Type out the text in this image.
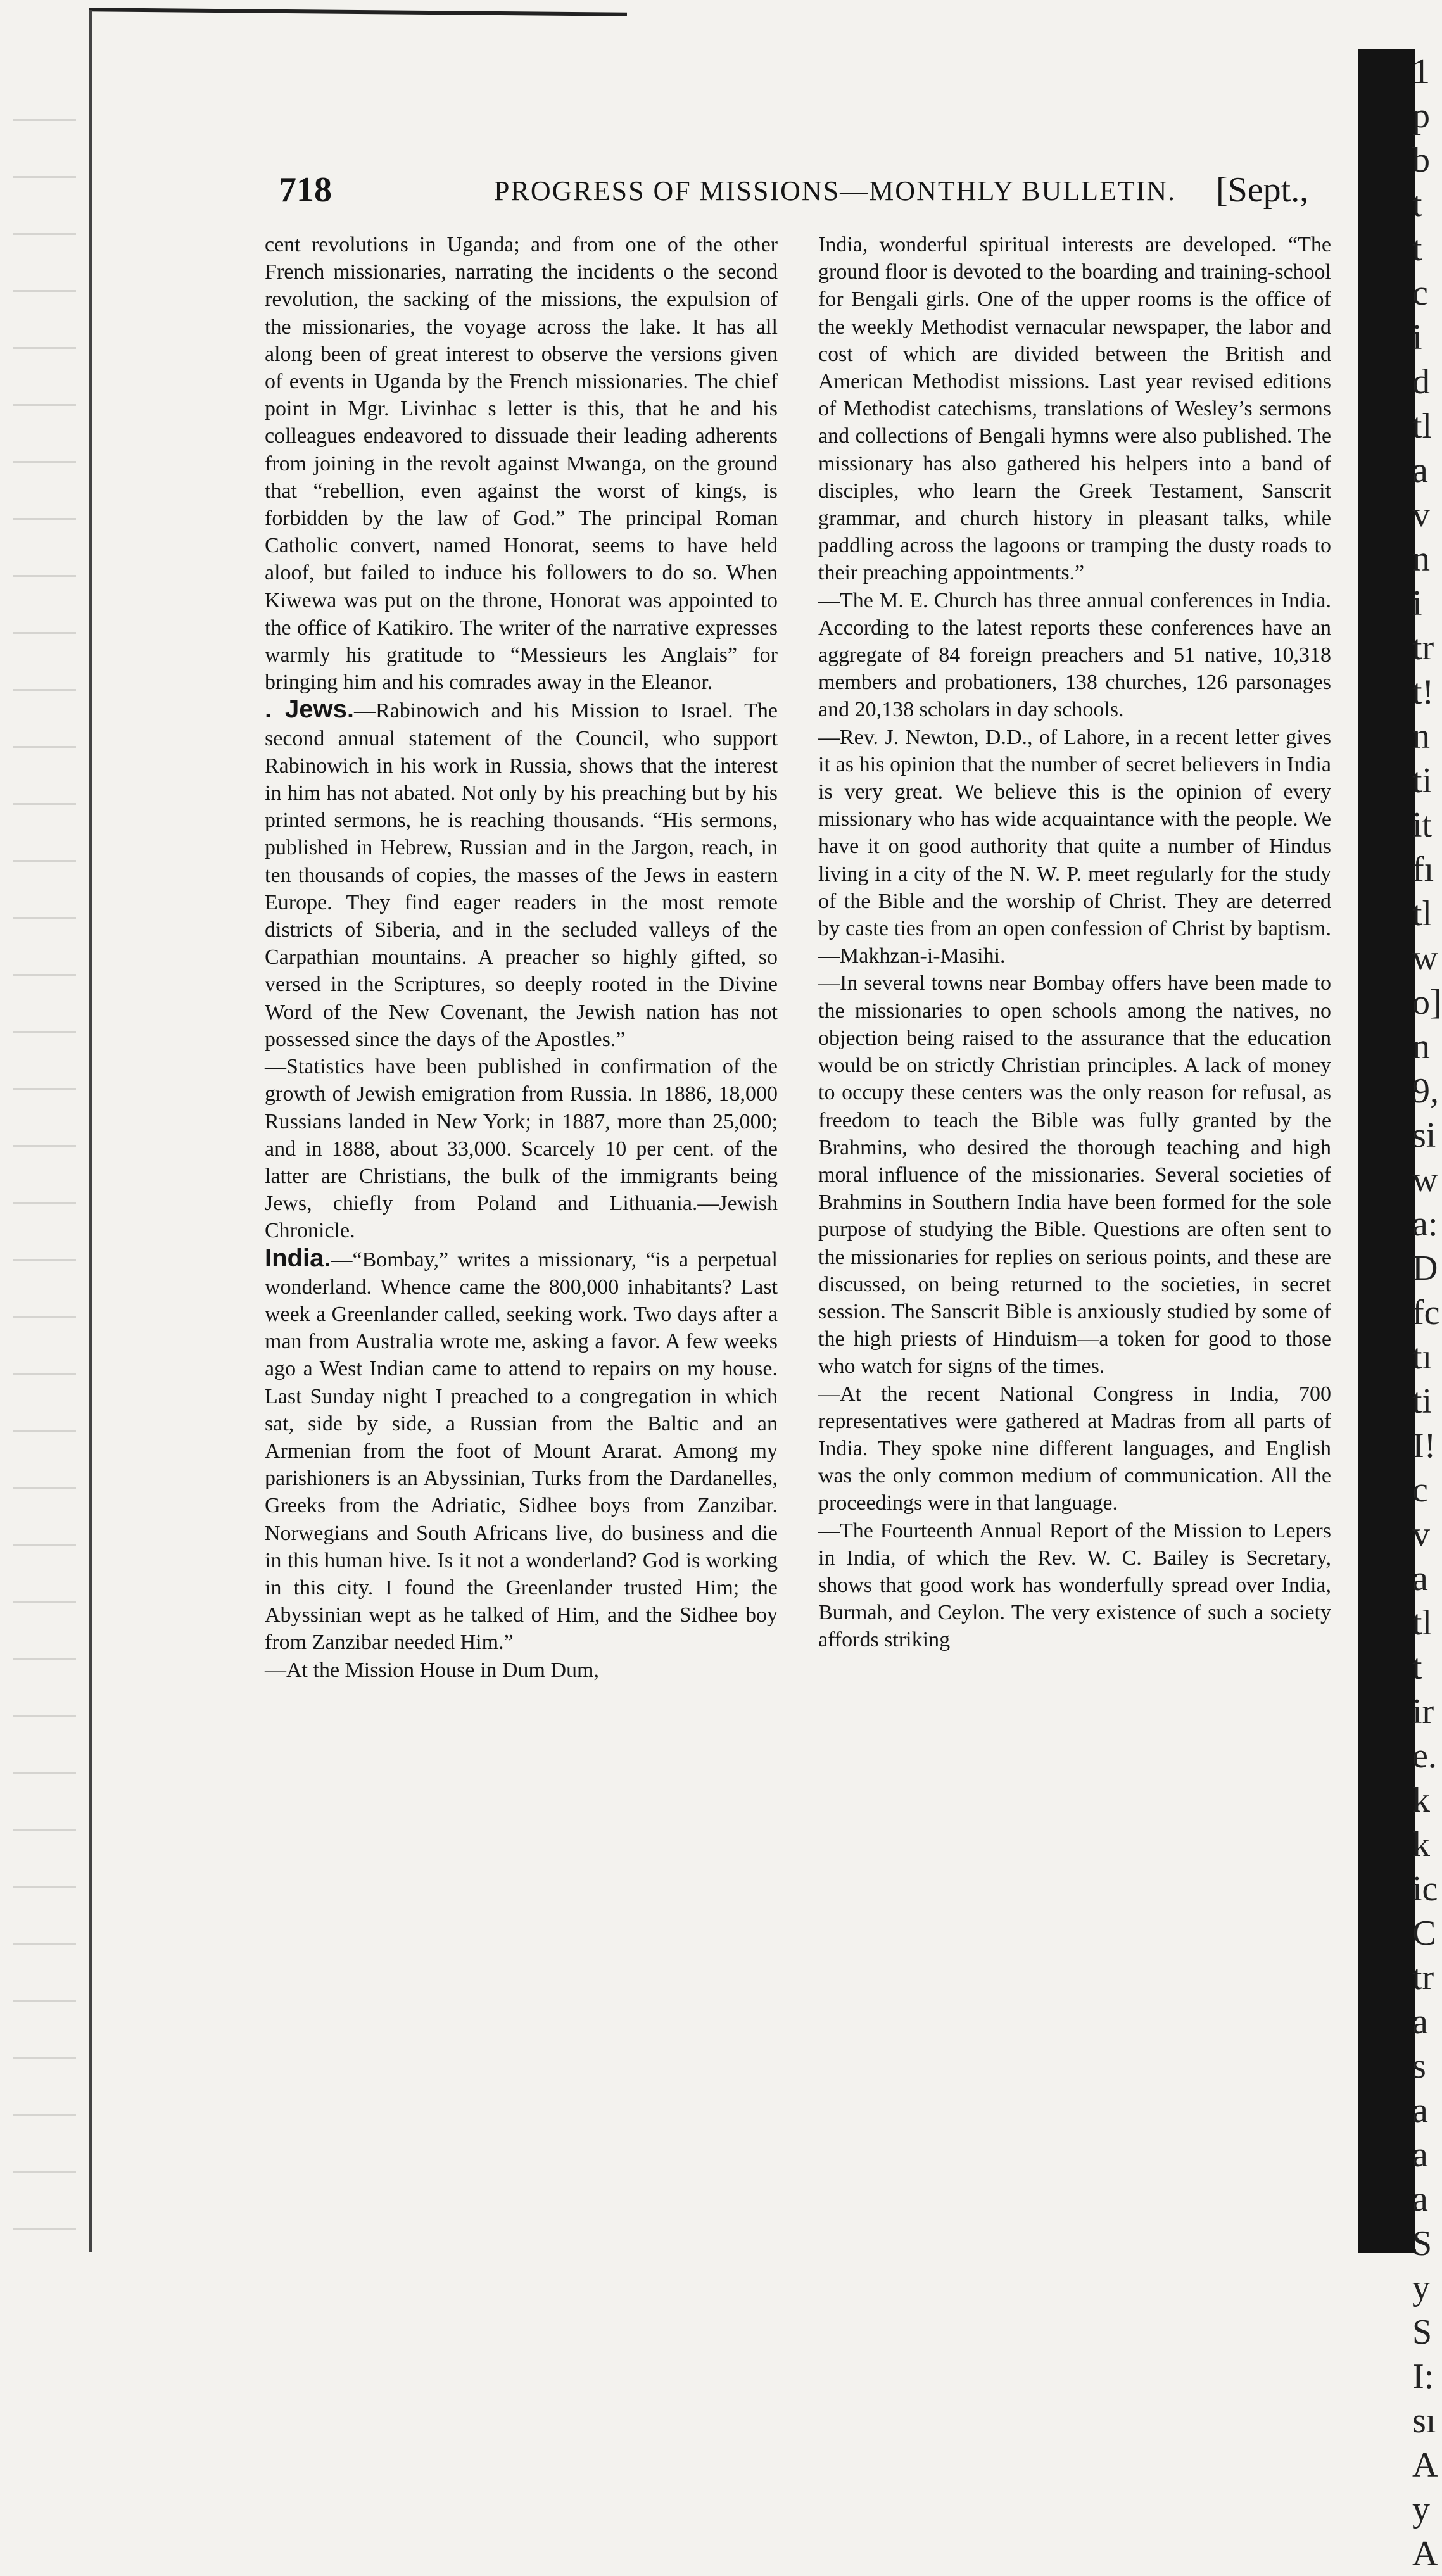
718	PROGRESS OF MISSIONS—MONTHLY BULLETIN. [Sept.,

cent revolutions in Uganda; and from one of the other French missionaries, narrating the incidents o the second revolution, the sacking of the missions, the expulsion of the missionaries, the voyage across the lake. It has all along been of great interest to observe the versions given of events in Uganda by the French missionaries. The chief point in Mgr. Livinhac s letter is this, that he and his colleagues endeavored to dissuade their leading adherents from joining in the revolt against Mwanga, on the ground that “rebellion, even against the worst of kings, is forbidden by the law of God.” The principal Roman Catholic convert, named Honorat, seems to have held aloof, but failed to induce his followers to do so. When Kiwewa was put on the throne, Honorat was appointed to the office of Katikiro. The writer of the narrative expresses warmly his gratitude to “Messieurs les Anglais” for bringing him and his comrades away in the Eleanor.

. Jews.—Rabinowich and his Mission to Israel. The second annual statement of the Council, who support Rabinowich in his work in Russia, shows that the interest in him has not abated. Not only by his preaching but by his printed sermons, he is reaching thousands. “His sermons, published in Hebrew, Russian and in the Jargon, reach, in ten thousands of copies, the masses of the Jews in eastern Europe. They find eager readers in the most remote districts of Siberia, and in the secluded valleys of the Carpathian mountains. A preacher so highly gifted, so versed in the Scriptures, so deeply rooted in the Divine Word of the New Covenant, the Jewish nation has not possessed since the days of the Apostles.”

—Statistics have been published in confirmation of the growth of Jewish emigration from Russia. In 1886, 18,000 Russians landed in New York; in 1887, more than 25,000; and in 1888, about 33,000. Scarcely 10 per cent. of the latter are Christians, the bulk of the immigrants being Jews, chiefly from Poland and Lithuania.—Jewish Chronicle.

India.—“Bombay,” writes a missionary, “is a perpetual wonderland. Whence came the 800,000 inhabitants? Last week a Greenlander called, seeking work. Two days after a man from Australia wrote me, asking a favor. A few weeks ago a West Indian came to attend to repairs on my house. Last Sunday night I preached to a congregation in which sat, side by side, a Russian from the Baltic and an Armenian from the foot of Mount Ararat. Among my parishioners is an Abyssinian, Turks from the Dardanelles, Greeks from the Adriatic, Sidhee boys from Zanzibar. Norwegians and South Africans live, do business and die in this human hive. Is it not a wonderland? God is working in this city. I found the Greenlander trusted Him; the Abyssinian wept as he talked of Him, and the Sidhee boy from Zanzibar needed Him.”

—At the Mission House in Dum Dum,

India, wonderful spiritual interests are developed. “The ground floor is devoted to the boarding and training-school for Bengali girls. One of the upper rooms is the office of the weekly Methodist vernacular newspaper, the labor and cost of which are divided between the British and American Methodist missions. Last year revised editions of Methodist catechisms, translations of Wesley’s sermons and collections of Bengali hymns were also published. The missionary has also gathered his helpers into a band of disciples, who learn the Greek Testament, Sanscrit grammar, and church history in pleasant talks, while paddling across the lagoons or tramping the dusty roads to their preaching appointments.”

—The M. E. Church has three annual conferences in India. According to the latest reports these conferences have an aggregate of 84 foreign preachers and 51 native, 10,318 members and probationers, 138 churches, 126 parsonages and 20,138 scholars in day schools.

—Rev. J. Newton, D.D., of Lahore, in a recent letter gives it as his opinion that the number of secret believers in India is very great. We believe this is the opinion of every missionary who has wide acquaintance with the people. We have it on good authority that quite a number of Hindus living in a city of the N. W. P. meet regularly for the study of the Bible and the worship of Christ. They are deterred by caste ties from an open confession of Christ by baptism.—Makhzan-i-Masihi.

—In several towns near Bombay offers have been made to the missionaries to open schools among the natives, no objection being raised to the assurance that the education would be on strictly Christian principles. A lack of money to occupy these centers was the only reason for refusal, as freedom to teach the Bible was fully granted by the Brahmins, who desired the thorough teaching and high moral influence of the missionaries. Several societies of Brahmins in Southern India have been formed for the sole purpose of studying the Bible. Questions are often sent to the missionaries for replies on serious points, and these are discussed, on being returned to the societies, in secret session. The Sanscrit Bible is anxiously studied by some of the high priests of Hinduism—a token for good to those who watch for signs of the times.

—At the recent National Congress in India, 700 representatives were gathered at Madras from all parts of India. They spoke nine different languages, and English was the only common medium of communication. All the proceedings were in that language.

—The Fourteenth Annual Report of the Mission to Lepers in India, of which the Rev. W. C. Bailey is Secretary, shows that good work has wonderfully spread over India, Burmah, and Ceylon. The very existence of such a society affords striking

1
p
b
t
t
c
i
d
tl
a
v
n
i
tr
t!
n
ti
it
fı
tl
w
o]
n
9,
si
w
a:
D
fc
tı
ti
I!
c
v
a
tl
t
ir
e.
k
k
ic
C
tr
a
s
a
a
a
S
y
S
I:
sı
A
y
A
